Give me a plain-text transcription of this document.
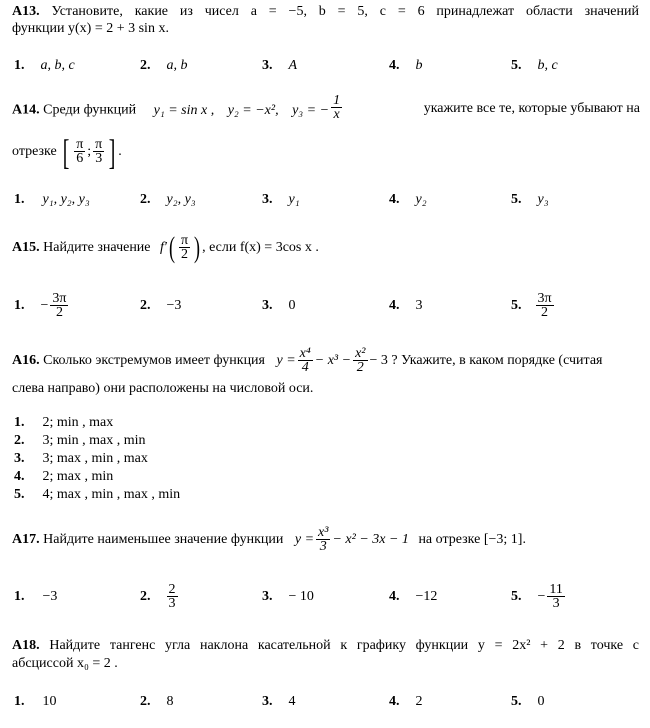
А13. Установите, какие из чисел a = −5, b = 5, c = 6 принадлежат области значений
функции y(x) = 2 + 3 sin x.
1. a, b, c	2. a, b	3. A	4. b	5. b, c
А14. Среди функций y₁ = sin x , y₂ = −x², y₃ = − $\frac{1}{x}$	укажите все те, которые убывают на
отрезке [ $\frac{\pi}{6}$ ; $\frac{\pi}{3}$ ] .
1. y₁, y₂, y₃	2. y₂, y₃	3. y₁	4. y₂	5. y₃
А15. Найдите значение $f'( \frac{\pi}{2}$ ) , если f(x) = 3cos x .
1. − $\frac{3\pi}{2}$	2. −3	3. 0	4. 3	5. $\frac{3\pi}{2}$
А16. Сколько экстремумов имеет функция $y = \frac{\text{x⁴}}{4} - x^3 - \frac{\text{x²}}{2} - 3$ ? Укажите, в каком порядке (считая
слева направо) они расположены на числовой оси.
1. 2; min , max
2. 3; min , max , min
3. 3; max , min , max
4. 2; max , min
5. 4; max , min , max , min
А17. Найдите наименьшее значение функции $y = \frac{\text{x³}}{3} - x^2 - 3x - 1$ на отрезке [−3; 1].
1. −3	2. $\frac{2}{3}$	3. − 10	4. −12	5. − $\frac{11}{3}$
А18. Найдите тангенс угла наклона касательной к графику функции y = 2x² + 2 в точке с
абсциссой x₀ = 2 .
1. 10	2. 8	3. 4	4. 2	5. 0
